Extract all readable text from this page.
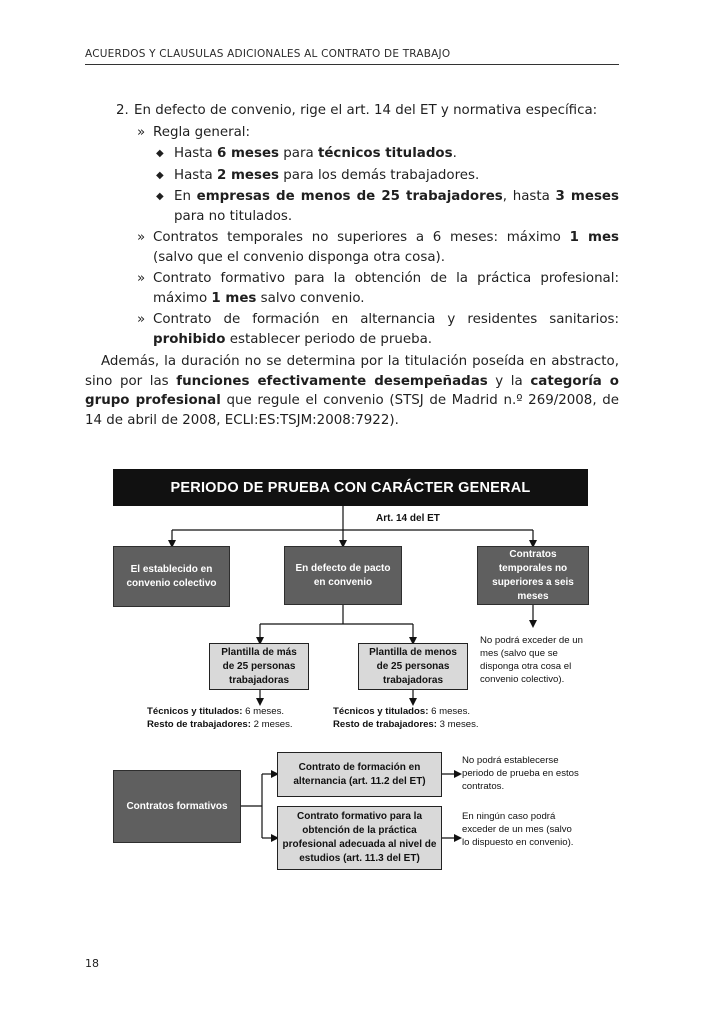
ACUERDOS Y CLAUSULAS ADICIONALES AL CONTRATO DE TRABAJO
2. En defecto de convenio, rige el art. 14 del ET y normativa específica:
» Regla general:
◆ Hasta 6 meses para técnicos titulados.
◆ Hasta 2 meses para los demás trabajadores.
◆ En empresas de menos de 25 trabajadores, hasta 3 meses para no titulados.
» Contratos temporales no superiores a 6 meses: máximo 1 mes (salvo que el convenio disponga otra cosa).
» Contrato formativo para la obtención de la práctica profesional: máximo 1 mes salvo convenio.
» Contrato de formación en alternancia y residentes sanitarios: prohibido establecer periodo de prueba.

Además, la duración no se determina por la titulación poseída en abstracto, sino por las funciones efectivamente desempeñadas y la categoría o grupo profesional que regule el convenio (STSJ de Madrid n.º 269/2008, de 14 de abril de 2008, ECLI:ES:TSJM:2008:7922).

PERIODO DE PRUEBA CON CARÁCTER GENERAL
Art. 14 del ET
El establecido en convenio colectivo
En defecto de pacto en convenio
Contratos temporales no superiores a seis meses
No podrá exceder de un mes (salvo que se disponga otra cosa el convenio colectivo).
Plantilla de más de 25 personas trabajadoras
Plantilla de menos de 25 personas trabajadoras
Técnicos y titulados: 6 meses.
Resto de trabajadores: 2 meses.
Técnicos y titulados: 6 meses.
Resto de trabajadores: 3 meses.
Contratos formativos
Contrato de formación en alternancia (art. 11.2 del ET)
Contrato formativo para la obtención de la práctica profesional adecuada al nivel de estudios (art. 11.3 del ET)
No podrá establecerse periodo de prueba en estos contratos.
En ningún caso podrá exceder de un mes (salvo lo dispuesto en convenio).
18
